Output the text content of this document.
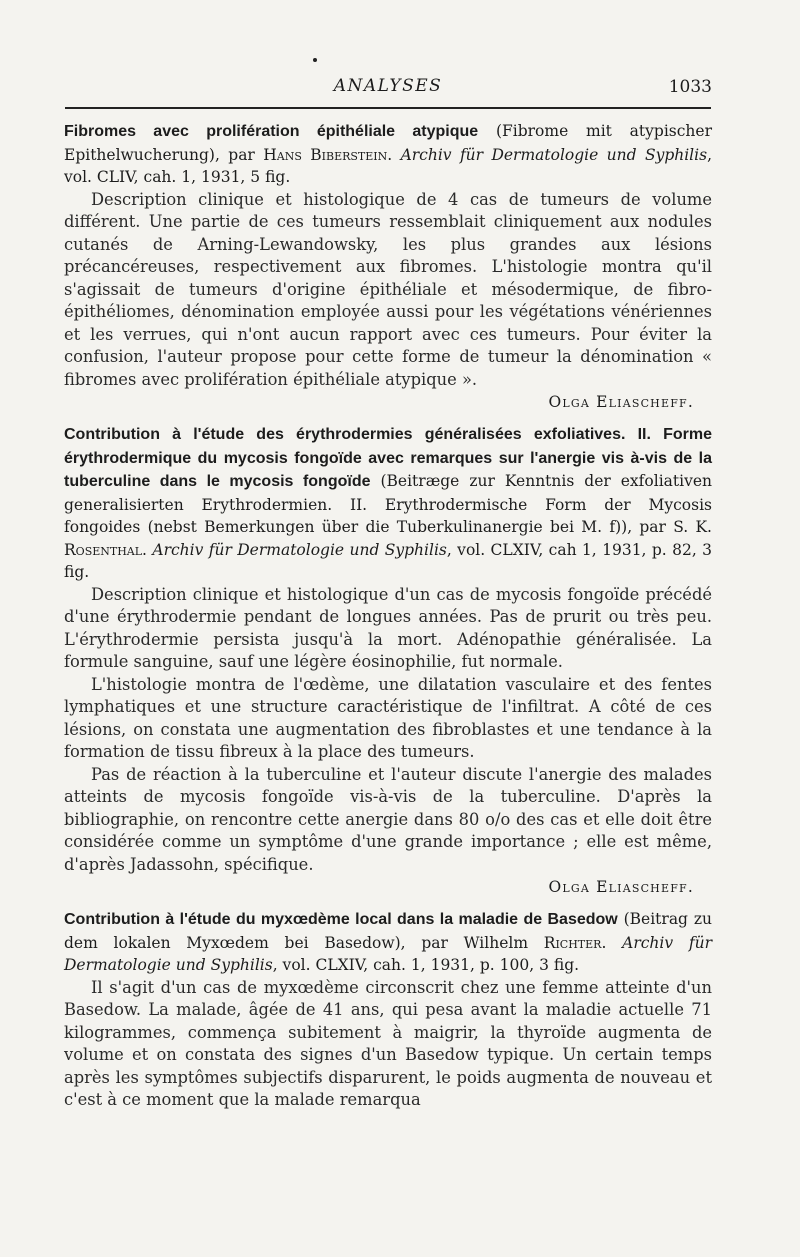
ANALYSES	1033

Fibromes avec prolifération épithéliale atypique (Fibrome mit atypischer Epithelwucherung), par Hans Biberstein. Archiv für Dermatologie und Syphilis, vol. CLIV, cah. 1, 1931, 5 fig.

Description clinique et histologique de 4 cas de tumeurs de volume différent. Une partie de ces tumeurs ressemblait cliniquement aux nodules cutanés de Arning-Lewandowsky, les plus grandes aux lésions précancéreuses, respectivement aux fibromes. L'histologie montra qu'il s'agissait de tumeurs d'origine épithéliale et mésodermique, de fibro-épithéliomes, dénomination employée aussi pour les végétations vénériennes et les verrues, qui n'ont aucun rapport avec ces tumeurs. Pour éviter la confusion, l'auteur propose pour cette forme de tumeur la dénomination « fibromes avec prolifération épithéliale atypique ».

Olga Eliascheff.

Contribution à l'étude des érythrodermies généralisées exfoliatives. II. Forme érythrodermique du mycosis fongoïde avec remarques sur l'anergie vis à-vis de la tuberculine dans le mycosis fongoïde (Beitræge zur Kenntnis der exfoliativen generalisierten Erythrodermien. II. Erythrodermische Form der Mycosis fongoides (nebst Bemerkungen über die Tuberkulinanergie bei M. f)), par S. K. Rosenthal. Archiv für Dermatologie und Syphilis, vol. CLXIV, cah 1, 1931, p. 82, 3 fig.

Description clinique et histologique d'un cas de mycosis fongoïde précédé d'une érythrodermie pendant de longues années. Pas de prurit ou très peu. L'érythrodermie persista jusqu'à la mort. Adénopathie généralisée. La formule sanguine, sauf une légère éosinophilie, fut normale.

L'histologie montra de l'œdème, une dilatation vasculaire et des fentes lymphatiques et une structure caractéristique de l'infiltrat. A côté de ces lésions, on constata une augmentation des fibroblastes et une tendance à la formation de tissu fibreux à la place des tumeurs.

Pas de réaction à la tuberculine et l'auteur discute l'anergie des malades atteints de mycosis fongoïde vis-à-vis de la tuberculine. D'après la bibliographie, on rencontre cette anergie dans 80 o/o des cas et elle doit être considérée comme un symptôme d'une grande importance ; elle est même, d'après Jadassohn, spécifique.

Olga Eliascheff.

Contribution à l'étude du myxœdème local dans la maladie de Basedow (Beitrag zu dem lokalen Myxœdem bei Basedow), par Wilhelm Richter. Archiv für Dermatologie und Syphilis, vol. CLXIV, cah. 1, 1931, p. 100, 3 fig.

Il s'agit d'un cas de myxœdème circonscrit chez une femme atteinte d'un Basedow. La malade, âgée de 41 ans, qui pesa avant la maladie actuelle 71 kilogrammes, commença subitement à maigrir, la thyroïde augmenta de volume et on constata des signes d'un Basedow typique. Un certain temps après les symptômes subjectifs disparurent, le poids augmenta de nouveau et c'est à ce moment que la malade remarqua
